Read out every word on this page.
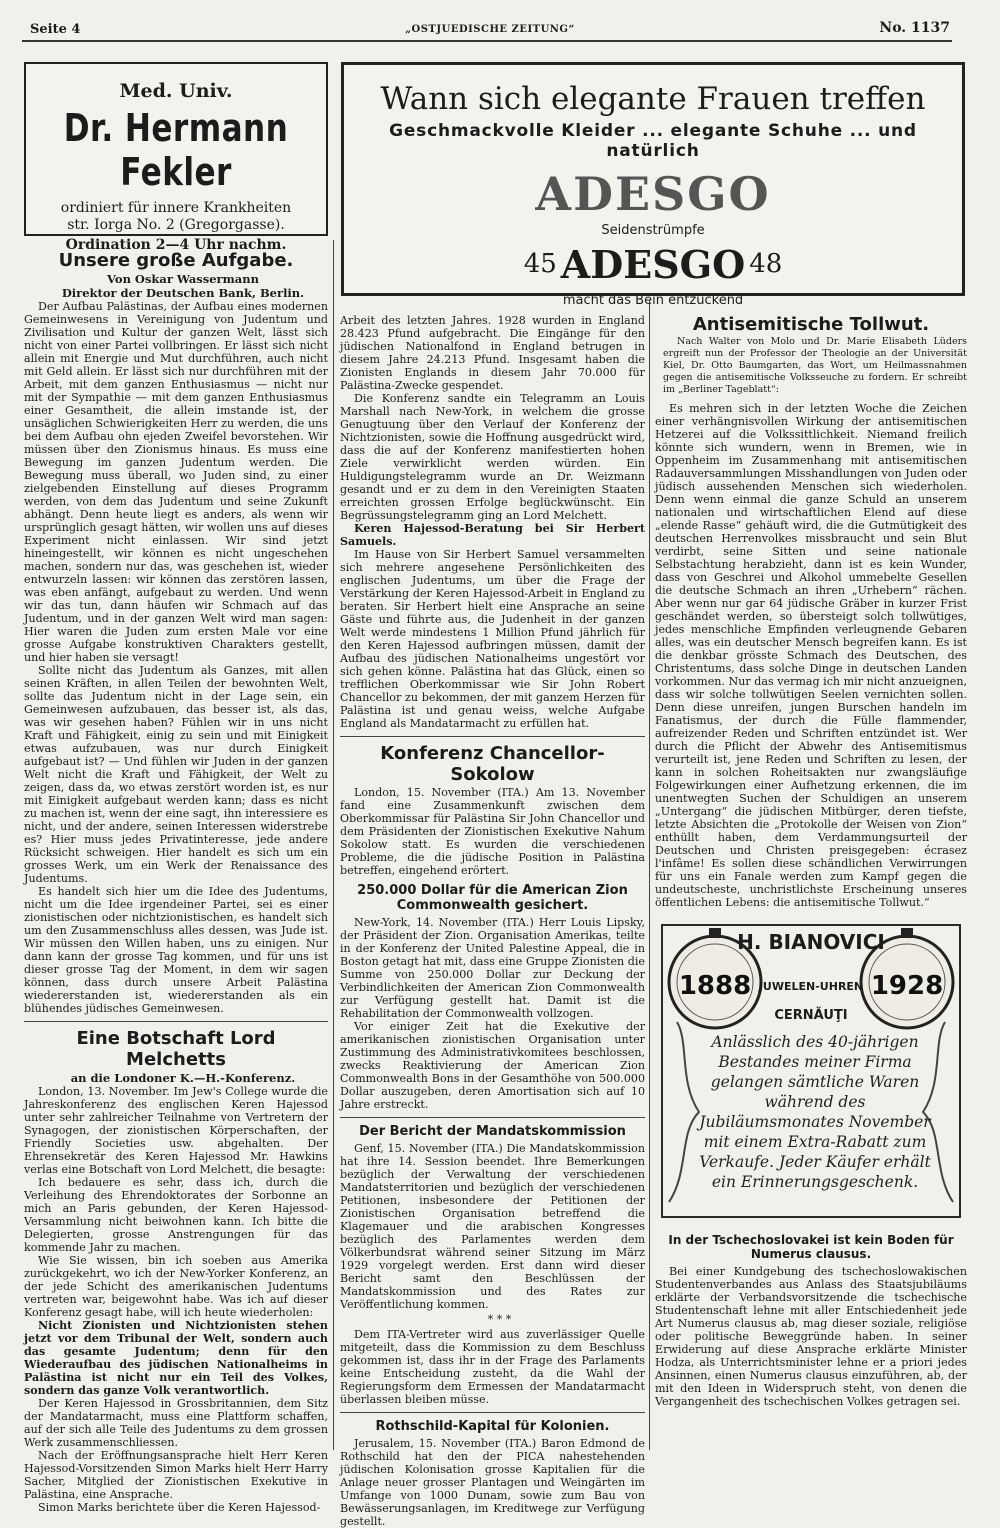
Seite 4	„OSTJUEDISCHE ZEITUNG“	No. 1137
Med. Univ.
Dr. Hermann Fekler
ordiniert für innere Krankheiten
str. Iorga No. 2 (Gregorgasse).
Ordination 2—4 Uhr nachm.
Wann sich elegante Frauen treffen
Geschmackvolle Kleider ... elegante Schuhe ... und natürlich
ADESGO
Seidenstrümpfe
45 ADESGO 48
macht das Bein entzückend
Unsere große Aufgabe.

Von Oskar Wassermann

Direktor der Deutschen Bank, Berlin.

Der Aufbau Palästinas, der Aufbau eines modernen Gemeinwesens in Vereinigung von Judentum und Zivilisation und Kultur der ganzen Welt, lässt sich nicht von einer Partei vollbringen. Er lässt sich nicht allein mit Energie und Mut durchführen, auch nicht mit Geld allein. Er lässt sich nur durchführen mit der Arbeit, mit dem ganzen Enthusiasmus — nicht nur mit der Sympathie — mit dem ganzen Enthusiasmus einer Gesamtheit, die allein imstande ist, der unsäglichen Schwierigkeiten Herr zu werden, die uns bei dem Aufbau ohn ejeden Zweifel bevorstehen. Wir müssen über den Zionismus hinaus. Es muss eine Bewegung im ganzen Judentum werden. Die Bewegung muss überall, wo Juden sind, zu einer zielgebenden Einstellung auf dieses Programm werden, von dem das Judentum und seine Zukunft abhängt. Denn heute liegt es anders, als wenn wir ursprünglich gesagt hätten, wir wollen uns auf dieses Experiment nicht einlassen. Wir sind jetzt hineingestellt, wir können es nicht ungeschehen machen, sondern nur das, was geschehen ist, wieder entwurzeln lassen: wir können das zerstören lassen, was eben anfängt, aufgebaut zu werden. Und wenn wir das tun, dann häufen wir Schmach auf das Judentum, und in der ganzen Welt wird man sagen: Hier waren die Juden zum ersten Male vor eine grosse Aufgabe konstruktiven Charakters gestellt, und hier haben sie versagt!

Sollte nicht das Judentum als Ganzes, mit allen seinen Kräften, in allen Teilen der bewohnten Welt, sollte das Judentum nicht in der Lage sein, ein Gemeinwesen aufzubauen, das besser ist, als das, was wir gesehen haben? Fühlen wir in uns nicht Kraft und Fähigkeit, einig zu sein und mit Einigkeit etwas aufzubauen, was nur durch Einigkeit aufgebaut ist? — Und fühlen wir Juden in der ganzen Welt nicht die Kraft und Fähigkeit, der Welt zu zeigen, dass da, wo etwas zerstört worden ist, es nur mit Einigkeit aufgebaut werden kann; dass es nicht zu machen ist, wenn der eine sagt, ihn interessiere es nicht, und der andere, seinen Interessen widerstrebe es? Hier muss jedes Privatinteresse, jede andere Rücksicht schweigen. Hier handelt es sich um ein grosses Werk, um ein Werk der Renaissance des Judentums.

Es handelt sich hier um die Idee des Judentums, nicht um die Idee irgendeiner Partei, sei es einer zionistischen oder nichtzionistischen, es handelt sich um den Zusammenschluss alles dessen, was Jude ist. Wir müssen den Willen haben, uns zu einigen. Nur dann kann der grosse Tag kommen, und für uns ist dieser grosse Tag der Moment, in dem wir sagen können, dass durch unsere Arbeit Palästina wiedererstanden ist, wiedererstanden als ein blühendes jüdisches Gemeinwesen.

Eine Botschaft Lord Melchetts

an die Londoner K.—H.-Konferenz.

London, 13. November. Im Jew's College wurde die Jahreskonferenz des englischen Keren Hajessod unter sehr zahlreicher Teilnahme von Vertretern der Synagogen, der zionistischen Körperschaften, der Friendly Societies usw. abgehalten. Der Ehrensekretär des Keren Hajessod Mr. Hawkins verlas eine Botschaft von Lord Melchett, die besagte:

Ich bedauere es sehr, dass ich, durch die Verleihung des Ehrendoktorates der Sorbonne an mich an Paris gebunden, der Keren Hajessod-Versammlung nicht beiwohnen kann. Ich bitte die Delegierten, grosse Anstrengungen für das kommende Jahr zu machen.

Wie Sie wissen, bin ich soeben aus Amerika zurückgekehrt, wo ich der New-Yorker Konferenz, an der jede Schicht des amerikanischen Judentums vertreten war, beigewohnt habe. Was ich auf dieser Konferenz gesagt habe, will ich heute wiederholen:

Nicht Zionisten und Nichtzionisten stehen jetzt vor dem Tribunal der Welt, sondern auch das gesamte Judentum; denn für den Wiederaufbau des jüdischen Nationalheims in Palästina ist nicht nur ein Teil des Volkes, sondern das ganze Volk verantwortlich.

Der Keren Hajessod in Grossbritannien, dem Sitz der Mandatarmacht, muss eine Plattform schaffen, auf der sich alle Teile des Judentums zu dem grossen Werk zusammenschliessen.

Nach der Eröffnungsansprache hielt Herr Keren Hajessod-Vorsitzenden Simon Marks hielt Herr Harry Sacher, Mitglied der Zionistischen Exekutive in Palästina, eine Ansprache.

Simon Marks berichtete über die Keren Hajessod-

Arbeit des letzten Jahres. 1928 wurden in England 28.423 Pfund aufgebracht. Die Eingänge für den jüdischen Nationalfond in England betrugen in diesem Jahre 24.213 Pfund. Insgesamt haben die Zionisten Englands in diesem Jahr 70.000 für Palästina-Zwecke gespendet.

Die Konferenz sandte ein Telegramm an Louis Marshall nach New-York, in welchem die grosse Genugtuung über den Verlauf der Konferenz der Nichtzionisten, sowie die Hoffnung ausgedrückt wird, dass die auf der Konferenz manifestierten hohen Ziele verwirklicht werden würden. Ein Huldigungstelegramm wurde an Dr. Weizmann gesandt und er zu dem in den Vereinigten Staaten erreichten grossen Erfolge beglückwünscht. Ein Begrüssungstelegramm ging an Lord Melchett.

Keren Hajessod-Beratung bei Sir Herbert Samuels.

Im Hause von Sir Herbert Samuel versammelten sich mehrere angesehene Persönlichkeiten des englischen Judentums, um über die Frage der Verstärkung der Keren Hajessod-Arbeit in England zu beraten. Sir Herbert hielt eine Ansprache an seine Gäste und führte aus, die Judenheit in der ganzen Welt werde mindestens 1 Million Pfund jährlich für den Keren Hajessod aufbringen müssen, damit der Aufbau des jüdischen Nationalheims ungestört vor sich gehen könne. Palästina hat das Glück, einen so trefflichen Oberkommissar wie Sir John Robert Chancellor zu bekommen, der mit ganzem Herzen für Palästina ist und genau weiss, welche Aufgabe England als Mandatarmacht zu erfüllen hat.

Konferenz Chancellor-Sokolow

London, 15. November (ITA.) Am 13. November fand eine Zusammenkunft zwischen dem Oberkommissar für Palästina Sir John Chancellor und dem Präsidenten der Zionistischen Exekutive Nahum Sokolow statt. Es wurden die verschiedenen Probleme, die die jüdische Position in Palästina betreffen, eingehend erörtert.

250.000 Dollar für die American Zion Commonwealth gesichert.

New-York, 14. November (ITA.) Herr Louis Lipsky, der Präsident der Zion. Organisation Amerikas, teilte in der Konferenz der United Palestine Appeal, die in Boston getagt hat mit, dass eine Gruppe Zionisten die Summe von 250.000 Dollar zur Deckung der Verbindlichkeiten der American Zion Commonwealth zur Verfügung gestellt hat. Damit ist die Rehabilitation der Commonwealth vollzogen.

Vor einiger Zeit hat die Exekutive der amerikanischen zionistischen Organisation unter Zustimmung des Administrativkomitees beschlossen, zwecks Reaktivierung der American Zion Commonwealth Bons in der Gesamthöhe von 500.000 Dollar auszugeben, deren Amortisation sich auf 10 Jahre erstreckt.

Der Bericht der Mandatskommission

Genf, 15. November (ITA.) Die Mandatskommission hat ihre 14. Session beendet. Ihre Bemerkungen bezüglich der Verwaltung der verschiedenen Mandatsterritorien und bezüglich der verschiedenen Petitionen, insbesondere der Petitionen der Zionistischen Organisation betreffend die Klagemauer und die arabischen Kongresses bezüglich des Parlamentes werden dem Völkerbundsrat während seiner Sitzung im März 1929 vorgelegt werden. Erst dann wird dieser Bericht samt den Beschlüssen der Mandatskommission und des Rates zur Veröffentlichung kommen.

* * *

Dem ITA-Vertreter wird aus zuverlässiger Quelle mitgeteilt, dass die Kommission zu dem Beschluss gekommen ist, dass ihr in der Frage des Parlaments keine Entscheidung zusteht, da die Wahl der Regierungsform dem Ermessen der Mandatarmacht überlassen bleiben müsse.

Rothschild-Kapital für Kolonien.

Jerusalem, 15. November (ITA.) Baron Edmond de Rothschild hat den der PICA nahestehenden jüdischen Kolonisation grosse Kapitalien für die Anlage neuer grosser Plantagen und Weingärten im Umfange von 1000 Dunam, sowie zum Bau von Bewässerungsanlagen, im Kreditwege zur Verfügung gestellt.

Antisemitische Tollwut.

Nach Walter von Molo und Dr. Marie Elisabeth Lüders ergreift nun der Professor der Theologie an der Universität Kiel, Dr. Otto Baumgarten, das Wort, um Heilmassnahmen gegen die antisemitische Volksseuche zu fordern. Er schreibt im „Berliner Tageblatt“:

Es mehren sich in der letzten Woche die Zeichen einer verhängnisvollen Wirkung der antisemitischen Hetzerei auf die Volkssittlichkeit. Niemand freilich könnte sich wundern, wenn in Bremen, wie in Oppenheim im Zusammenhang mit antisemitischen Radauversammlungen Misshandlungen von Juden oder jüdisch aussehenden Menschen sich wiederholen. Denn wenn einmal die ganze Schuld an unserem nationalen und wirtschaftlichen Elend auf diese „elende Rasse“ gehäuft wird, die die Gutmütigkeit des deutschen Herrenvolkes missbraucht und sein Blut verdirbt, seine Sitten und seine nationale Selbstachtung herabzieht, dann ist es kein Wunder, dass von Geschrei und Alkohol ummebelte Gesellen die deutsche Schmach an ihren „Urhebern“ rächen. Aber wenn nur gar 64 jüdische Gräber in kurzer Frist geschändet werden, so übersteigt solch tollwütiges, jedes menschliche Empfinden verleugnende Gebaren alles, was ein deutscher Mensch begreifen kann. Es ist die denkbar grösste Schmach des Deutschen, des Christentums, dass solche Dinge in deutschen Landen vorkommen. Nur das vermag ich mir nicht anzueignen, dass wir solche tollwütigen Seelen vernichten sollen. Denn diese unreifen, jungen Burschen handeln im Fanatismus, der durch die Fülle flammender, aufreizender Reden und Schriften entzündet ist. Wer durch die Pflicht der Abwehr des Antisemitismus verurteilt ist, jene Reden und Schriften zu lesen, der kann in solchen Roheitsakten nur zwangsläufige Folgewirkungen einer Aufhetzung erkennen, die im unentwegten Suchen der Schuldigen an unserem „Untergang“ die jüdischen Mitbürger, deren tiefste, letzte Absichten die „Protokolle der Weisen von Zion“ enthüllt haben, dem Verdammungsurteil der Deutschen und Christen preisgegeben: écrasez l'infâme! Es sollen diese schändlichen Verwirrungen für uns ein Fanale werden zum Kampf gegen die undeutscheste, unchristlichste Erscheinung unseres öffentlichen Lebens: die antisemitische Tollwut.“

1888	1928
H. BIANOVICI
JUWELEN-UHREN
CERNĂUŢI
Anlässlich des 40-jährigen Bestandes meiner Firma gelangen sämtliche Waren während des Jubiläumsmonates November mit einem Extra-Rabatt zum Verkaufe. Jeder Käufer erhält ein Erinnerungsgeschenk.
In der Tschechoslovakei ist kein Boden für Numerus clausus.

Bei einer Kundgebung des tschechoslowakischen Studentenverbandes aus Anlass des Staatsjubiläums erklärte der Verbandsvorsitzende die tschechische Studentenschaft lehne mit aller Entschiedenheit jede Art Numerus clausus ab, mag dieser soziale, religiöse oder politische Beweggründe haben. In seiner Erwiderung auf diese Ansprache erklärte Minister Hodza, als Unterrichtsminister lehne er a priori jedes Ansinnen, einen Numerus clausus einzuführen, ab, der mit den Ideen in Widerspruch steht, von denen die Vergangenheit des tschechischen Volkes getragen sei.
